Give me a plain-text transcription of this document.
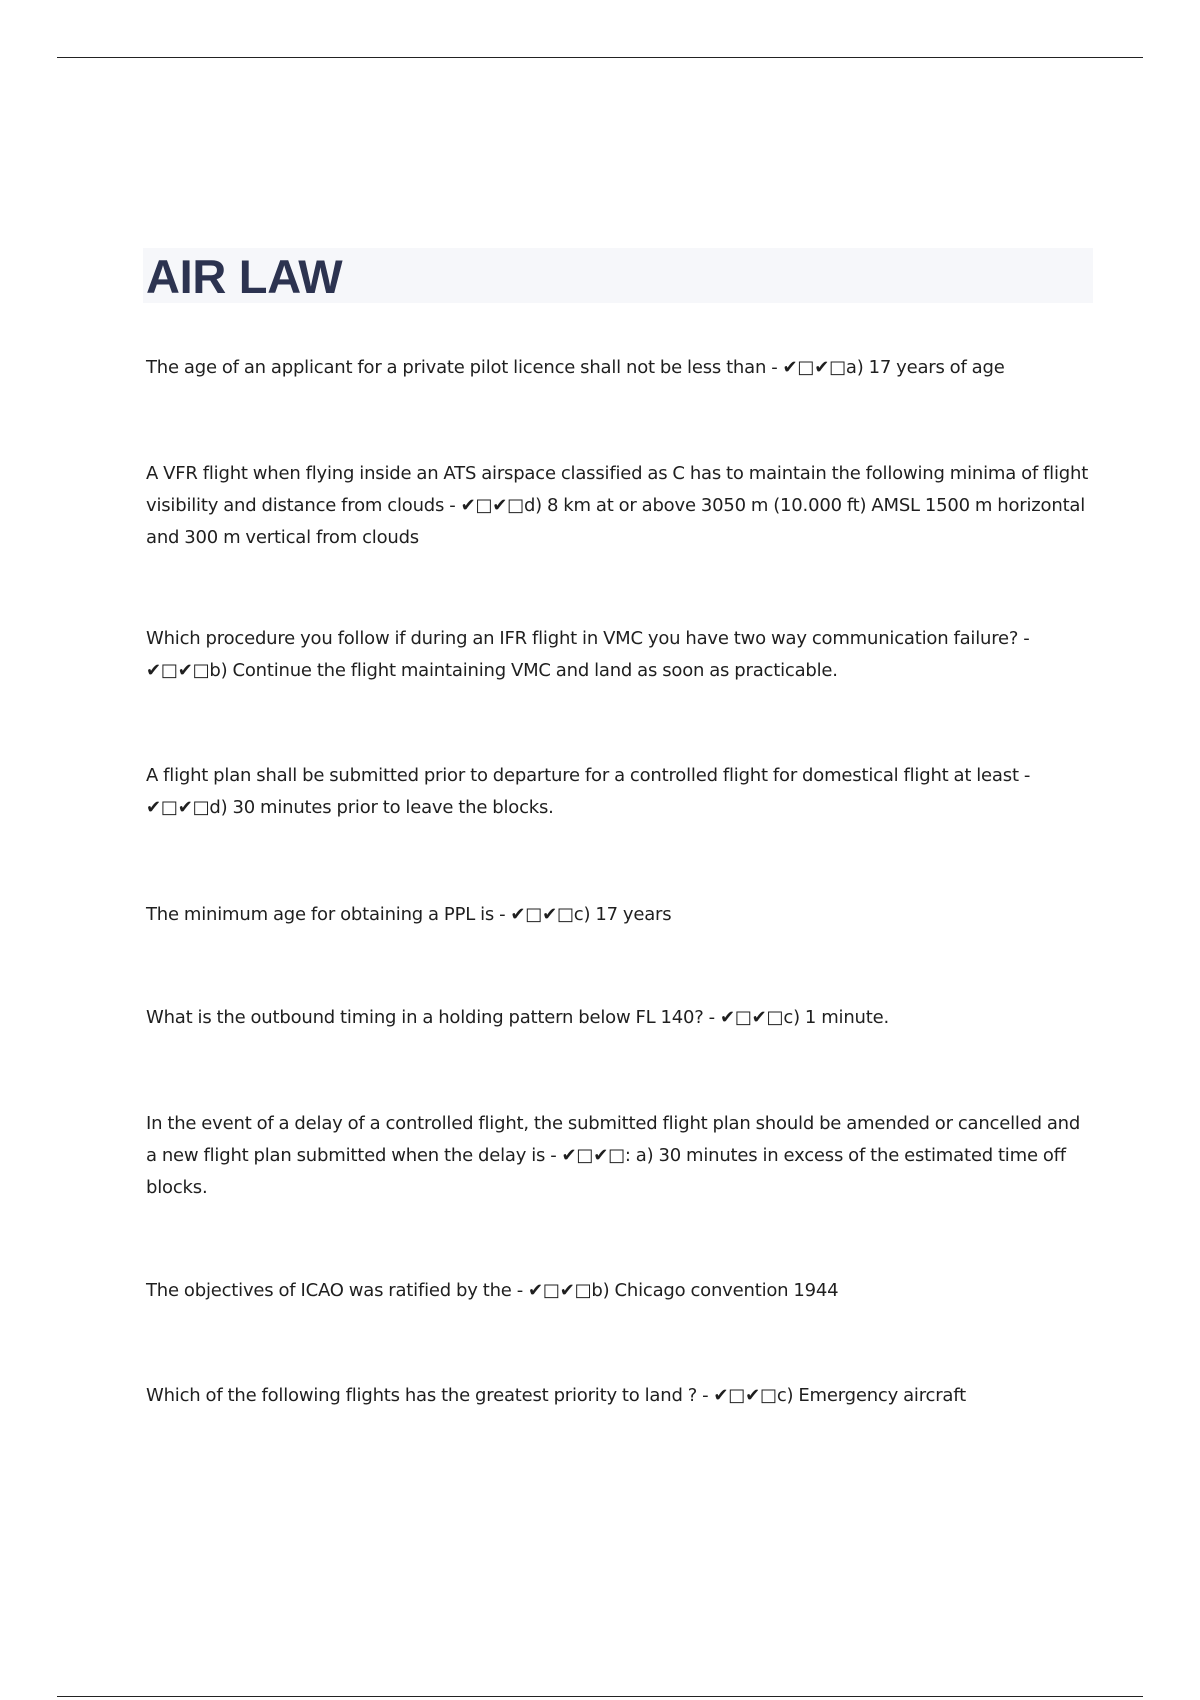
AIR LAW

The age of an applicant for a private pilot licence shall not be less than - ✔□✔□a) 17 years of age

A VFR flight when flying inside an ATS airspace classified as C has to maintain the following minima of flight visibility and distance from clouds - ✔□✔□d) 8 km at or above 3050 m (10.000 ft) AMSL 1500 m horizontal and 300 m vertical from clouds

Which procedure you follow if during an IFR flight in VMC you have two way communication failure? - ✔□✔□b) Continue the flight maintaining VMC and land as soon as practicable.

A flight plan shall be submitted prior to departure for a controlled flight for domestical flight at least - ✔□✔□d) 30 minutes prior to leave the blocks.

The minimum age for obtaining a PPL is - ✔□✔□c) 17 years

What is the outbound timing in a holding pattern below FL 140? - ✔□✔□c) 1 minute.

In the event of a delay of a controlled flight, the submitted flight plan should be amended or cancelled and a new flight plan submitted when the delay is - ✔□✔□: a) 30 minutes in excess of the estimated time off blocks.

The objectives of ICAO was ratified by the - ✔□✔□b) Chicago convention 1944

Which of the following flights has the greatest priority to land ? - ✔□✔□c) Emergency aircraft
